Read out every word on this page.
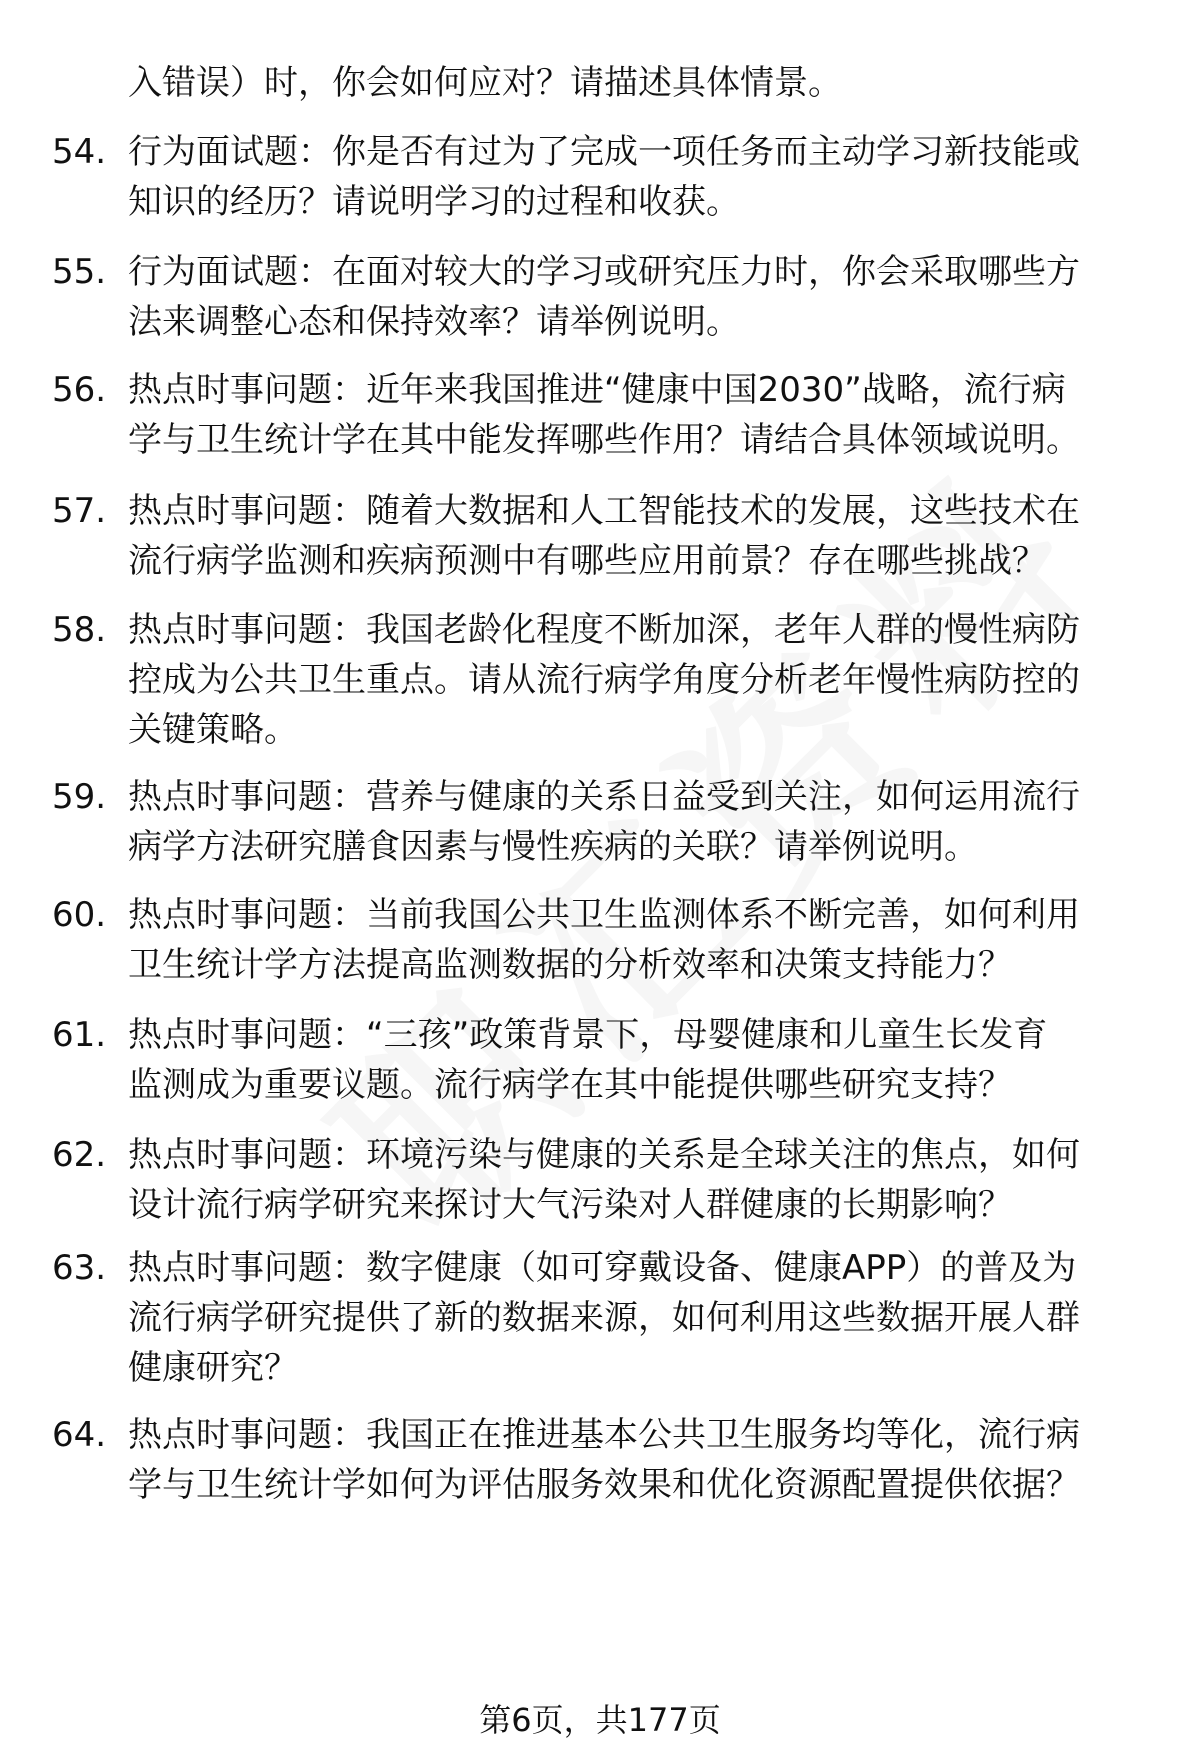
入错误）时，你会如何应对？请描述具体情景。
54. 行为面试题：你是否有过为了完成一项任务而主动学习新技能或
知识的经历？请说明学习的过程和收获。
55. 行为面试题：在面对较大的学习或研究压力时，你会采取哪些方
法来调整心态和保持效率？请举例说明。
56. 热点时事问题：近年来我国推进“健康中国2030”战略，流行病
学与卫生统计学在其中能发挥哪些作用？请结合具体领域说明。
57. 热点时事问题：随着大数据和人工智能技术的发展，这些技术在
流行病学监测和疾病预测中有哪些应用前景？存在哪些挑战？
58. 热点时事问题：我国老龄化程度不断加深，老年人群的慢性病防
控成为公共卫生重点。请从流行病学角度分析老年慢性病防控的
关键策略。
59. 热点时事问题：营养与健康的关系日益受到关注，如何运用流行
病学方法研究膳食因素与慢性疾病的关联？请举例说明。
60. 热点时事问题：当前我国公共卫生监测体系不断完善，如何利用
卫生统计学方法提高监测数据的分析效率和决策支持能力？
61. 热点时事问题：“三孩”政策背景下，母婴健康和儿童生长发育
监测成为重要议题。流行病学在其中能提供哪些研究支持？
62. 热点时事问题：环境污染与健康的关系是全球关注的焦点，如何
设计流行病学研究来探讨大气污染对人群健康的长期影响？
63. 热点时事问题：数字健康（如可穿戴设备、健康APP）的普及为
流行病学研究提供了新的数据来源，如何利用这些数据开展人群
健康研究？
64. 热点时事问题：我国正在推进基本公共卫生服务均等化，流行病
学与卫生统计学如何为评估服务效果和优化资源配置提供依据？
第6页，共177页
